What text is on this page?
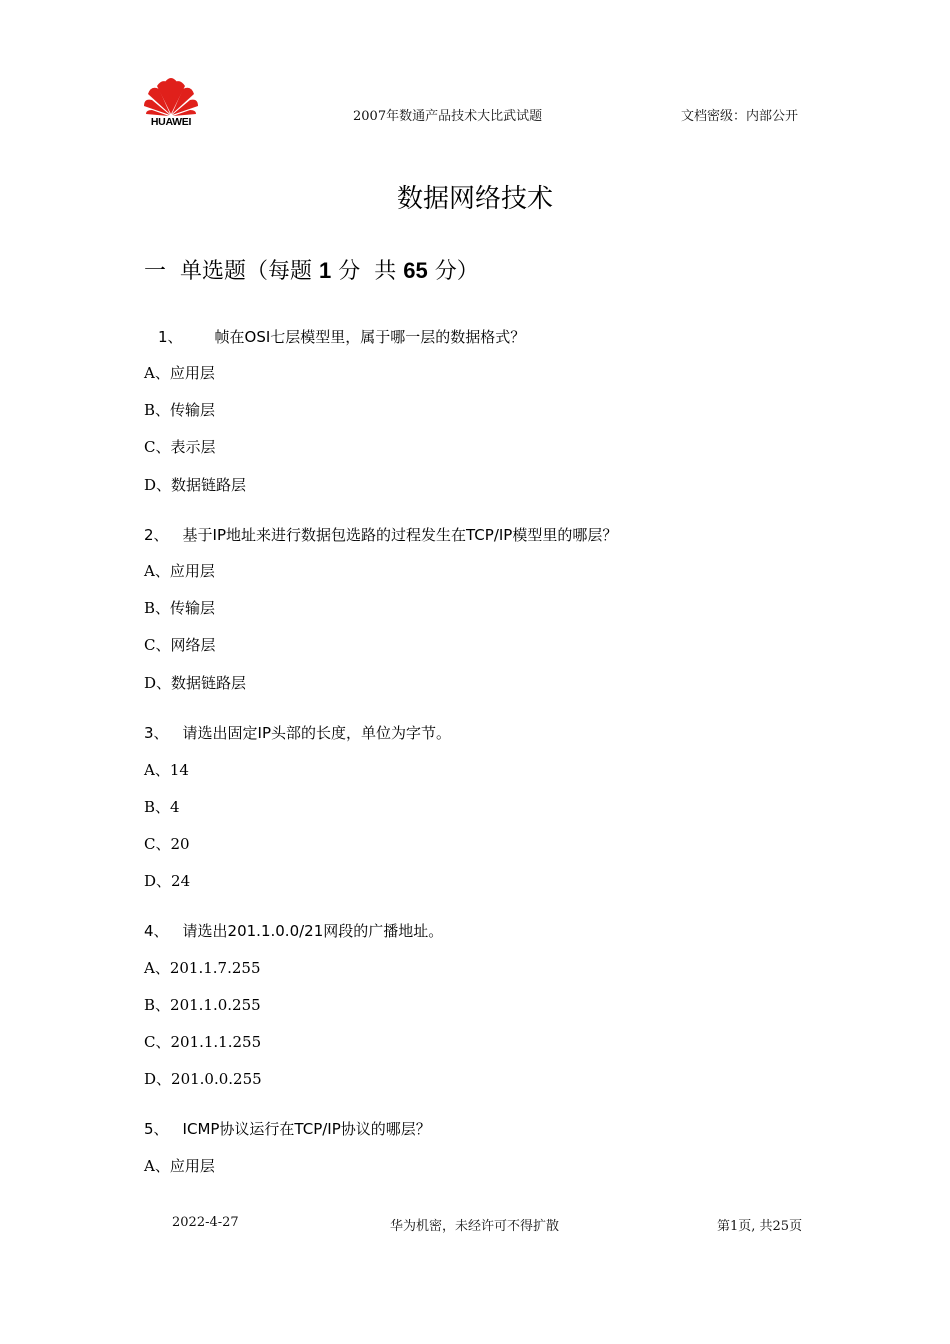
HUAWEI	2007年数通产品技术大比武试题	文档密级：内部公开
数据网络技术
一  单选题（每题 1 分  共 65 分）
1、 帧在OSI七层模型里，属于哪一层的数据格式？
A、应用层
B、传输层
C、表示层
D、数据链路层
2、 基于IP地址来进行数据包选路的过程发生在TCP/IP模型里的哪层？
A、应用层
B、传输层
C、网络层
D、数据链路层
3、 请选出固定IP头部的长度，单位为字节。
A、14
B、4
C、20
D、24
4、 请选出201.1.0.0/21网段的广播地址。
A、201.1.7.255
B、201.1.0.255
C、201.1.1.255
D、201.0.0.255
5、 ICMP协议运行在TCP/IP协议的哪层？
A、应用层
2022-4-27	华为机密，未经许可不得扩散	第1页, 共25页
